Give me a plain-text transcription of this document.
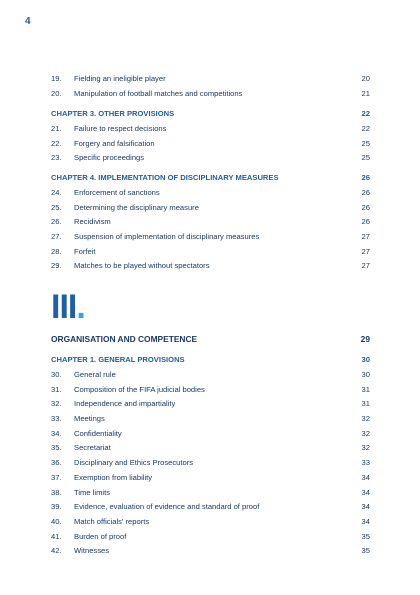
4
19. Fielding an ineligible player	20
20. Manipulation of football matches and competitions	21
CHAPTER 3. OTHER PROVISIONS	22
21. Failure to respect decisions	22
22. Forgery and falsification	25
23. Specific proceedings	25
CHAPTER 4. IMPLEMENTATION OF DISCIPLINARY MEASURES	26
24. Enforcement of sanctions	26
25. Determining the disciplinary measure	26
26. Recidivism	26
27. Suspension of implementation of disciplinary measures	27
28. Forfeit	27
29. Matches to be played without spectators	27
III.
ORGANISATION AND COMPETENCE	29
CHAPTER 1. GENERAL PROVISIONS	30
30. General rule	30
31. Composition of the FIFA judicial bodies	31
32. Independence and impartiality	31
33. Meetings	32
34. Confidentiality	32
35. Secretariat	32
36. Disciplinary and Ethics Prosecutors	33
37. Exemption from liability	34
38. Time limits	34
39. Evidence, evaluation of evidence and standard of proof	34
40. Match officials' reports	34
41. Burden of proof	35
42. Witnesses	35
